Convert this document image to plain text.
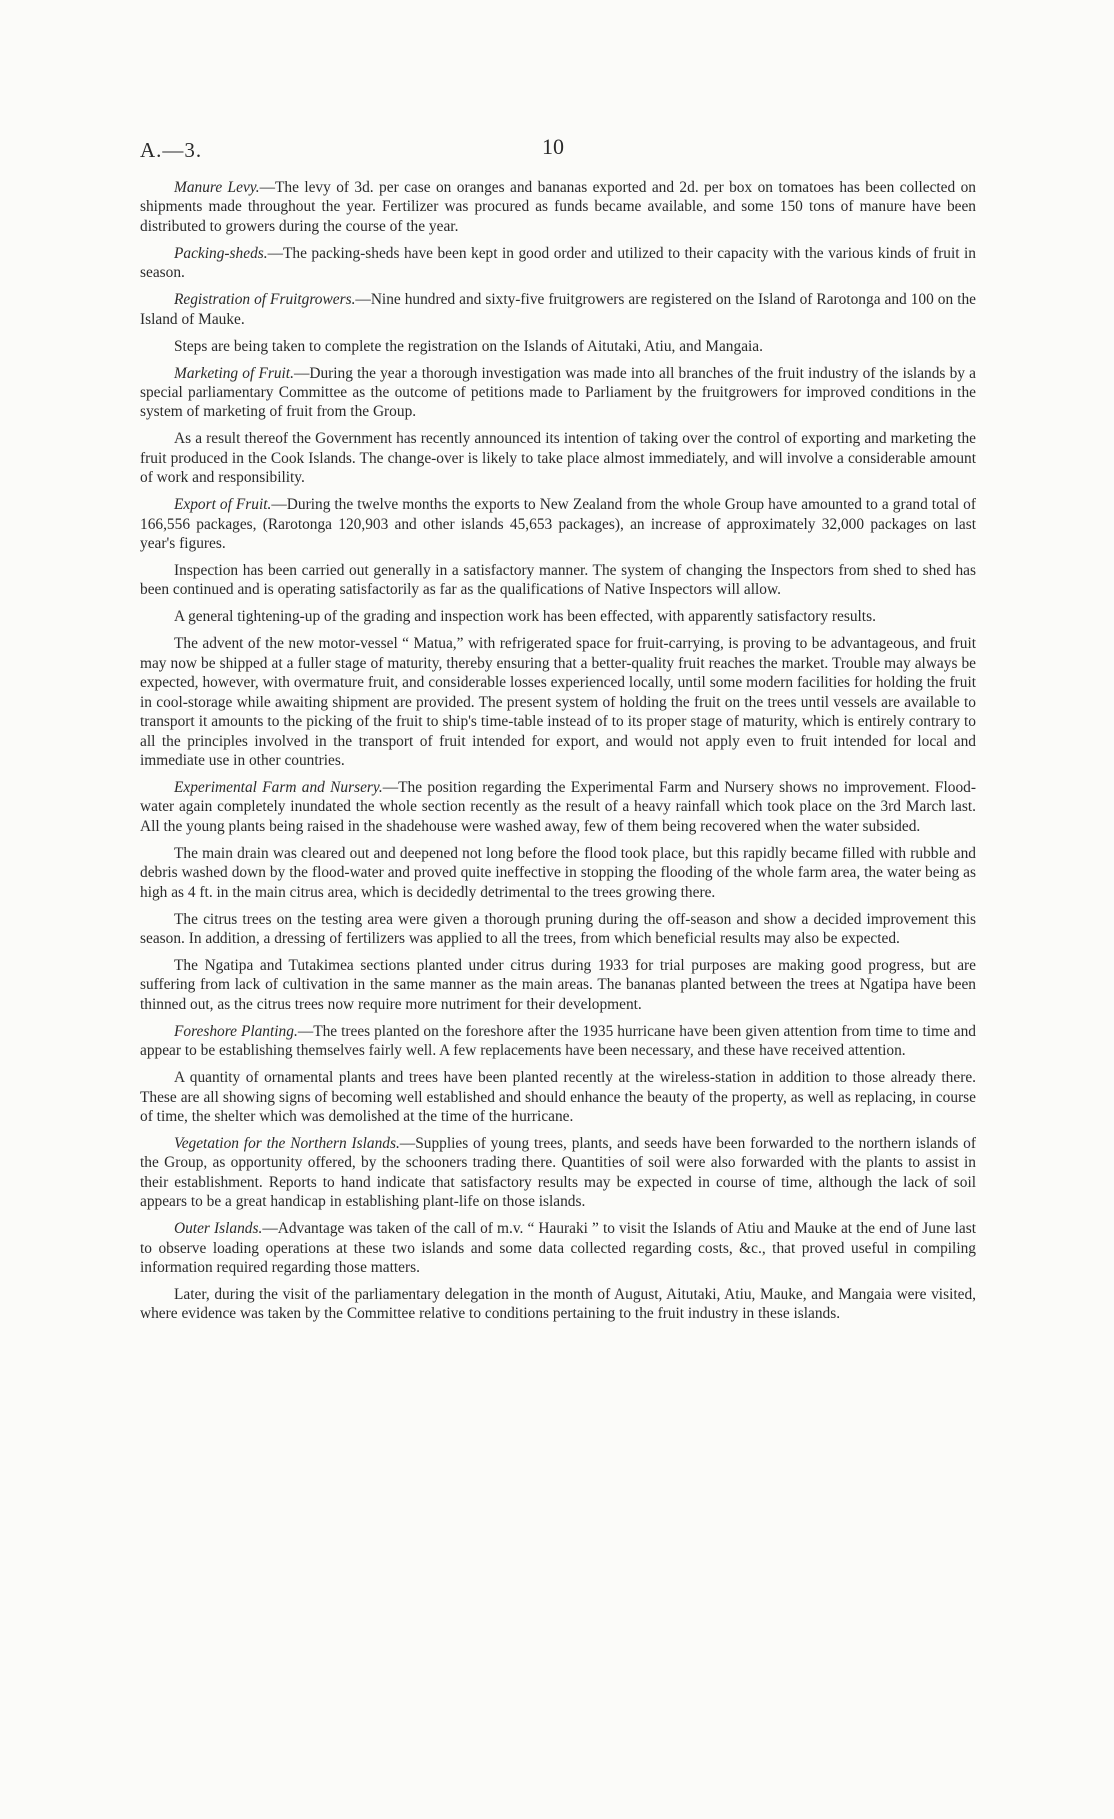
A.—3.	10

Manure Levy.—The levy of 3d. per case on oranges and bananas exported and 2d. per box on tomatoes has been collected on shipments made throughout the year. Fertilizer was procured as funds became available, and some 150 tons of manure have been distributed to growers during the course of the year.

Packing-sheds.—The packing-sheds have been kept in good order and utilized to their capacity with the various kinds of fruit in season.

Registration of Fruitgrowers.—Nine hundred and sixty-five fruitgrowers are registered on the Island of Rarotonga and 100 on the Island of Mauke.

Steps are being taken to complete the registration on the Islands of Aitutaki, Atiu, and Mangaia.

Marketing of Fruit.—During the year a thorough investigation was made into all branches of the fruit industry of the islands by a special parliamentary Committee as the outcome of petitions made to Parliament by the fruitgrowers for improved conditions in the system of marketing of fruit from the Group.

As a result thereof the Government has recently announced its intention of taking over the control of exporting and marketing the fruit produced in the Cook Islands. The change-over is likely to take place almost immediately, and will involve a considerable amount of work and responsibility.

Export of Fruit.—During the twelve months the exports to New Zealand from the whole Group have amounted to a grand total of 166,556 packages, (Rarotonga 120,903 and other islands 45,653 packages), an increase of approximately 32,000 packages on last year's figures.

Inspection has been carried out generally in a satisfactory manner. The system of changing the Inspectors from shed to shed has been continued and is operating satisfactorily as far as the qualifications of Native Inspectors will allow.

A general tightening-up of the grading and inspection work has been effected, with apparently satisfactory results.

The advent of the new motor-vessel “ Matua,” with refrigerated space for fruit-carrying, is proving to be advantageous, and fruit may now be shipped at a fuller stage of maturity, thereby ensuring that a better-quality fruit reaches the market. Trouble may always be expected, however, with overmature fruit, and considerable losses experienced locally, until some modern facilities for holding the fruit in cool-storage while awaiting shipment are provided. The present system of holding the fruit on the trees until vessels are available to transport it amounts to the picking of the fruit to ship's time-table instead of to its proper stage of maturity, which is entirely contrary to all the principles involved in the transport of fruit intended for export, and would not apply even to fruit intended for local and immediate use in other countries.

Experimental Farm and Nursery.—The position regarding the Experimental Farm and Nursery shows no improvement. Flood-water again completely inundated the whole section recently as the result of a heavy rainfall which took place on the 3rd March last. All the young plants being raised in the shadehouse were washed away, few of them being recovered when the water subsided.

The main drain was cleared out and deepened not long before the flood took place, but this rapidly became filled with rubble and debris washed down by the flood-water and proved quite ineffective in stopping the flooding of the whole farm area, the water being as high as 4 ft. in the main citrus area, which is decidedly detrimental to the trees growing there.

The citrus trees on the testing area were given a thorough pruning during the off-season and show a decided improvement this season. In addition, a dressing of fertilizers was applied to all the trees, from which beneficial results may also be expected.

The Ngatipa and Tutakimea sections planted under citrus during 1933 for trial purposes are making good progress, but are suffering from lack of cultivation in the same manner as the main areas. The bananas planted between the trees at Ngatipa have been thinned out, as the citrus trees now require more nutriment for their development.

Foreshore Planting.—The trees planted on the foreshore after the 1935 hurricane have been given attention from time to time and appear to be establishing themselves fairly well. A few replacements have been necessary, and these have received attention.

A quantity of ornamental plants and trees have been planted recently at the wireless-station in addition to those already there. These are all showing signs of becoming well established and should enhance the beauty of the property, as well as replacing, in course of time, the shelter which was demolished at the time of the hurricane.

Vegetation for the Northern Islands.—Supplies of young trees, plants, and seeds have been forwarded to the northern islands of the Group, as opportunity offered, by the schooners trading there. Quantities of soil were also forwarded with the plants to assist in their establishment. Reports to hand indicate that satisfactory results may be expected in course of time, although the lack of soil appears to be a great handicap in establishing plant-life on those islands.

Outer Islands.—Advantage was taken of the call of m.v. “ Hauraki ” to visit the Islands of Atiu and Mauke at the end of June last to observe loading operations at these two islands and some data collected regarding costs, &c., that proved useful in compiling information required regarding those matters.

Later, during the visit of the parliamentary delegation in the month of August, Aitutaki, Atiu, Mauke, and Mangaia were visited, where evidence was taken by the Committee relative to conditions pertaining to the fruit industry in these islands.
